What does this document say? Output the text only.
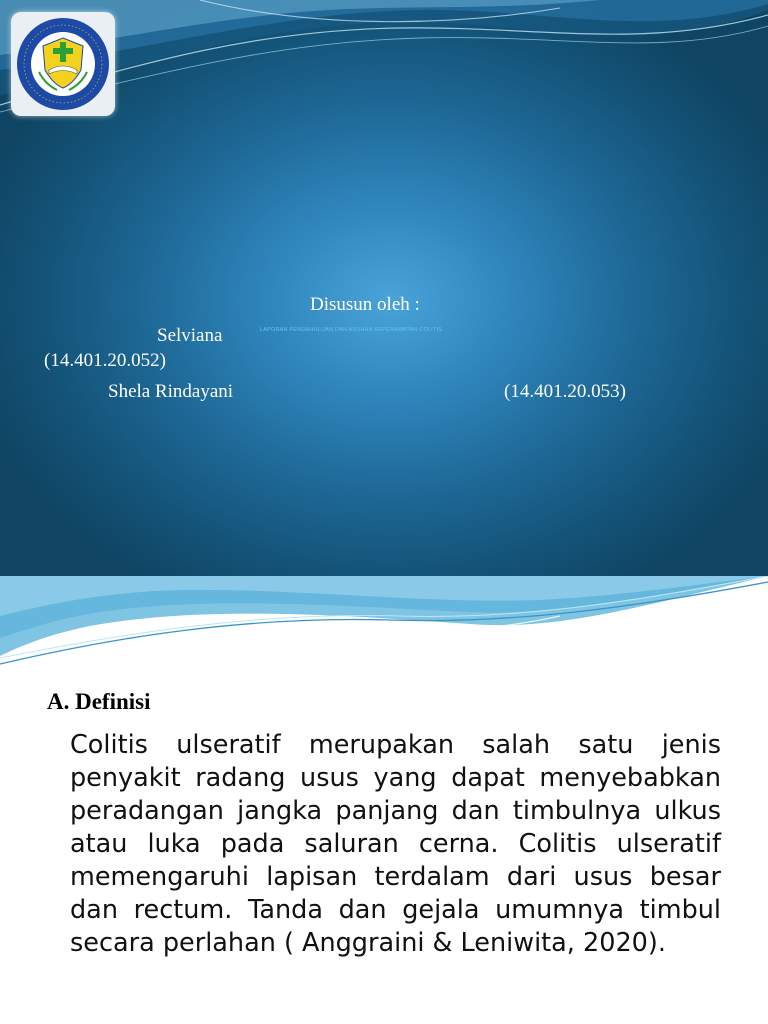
Disusun oleh :
LAPORAN PENDAHULUAN DAN ASUHAN KEPERAWATAN COLITIS
Selviana
(14.401.20.052)
Shela Rindayani	(14.401.20.053)
A. Definisi

Colitis ulseratif merupakan salah satu jenis penyakit radang usus yang dapat menyebabkan peradangan jangka panjang dan timbulnya ulkus atau luka pada saluran cerna. Colitis ulseratif memengaruhi lapisan terdalam dari usus besar dan rectum. Tanda dan gejala umumnya timbul secara perlahan ( Anggraini & Leniwita, 2020).
